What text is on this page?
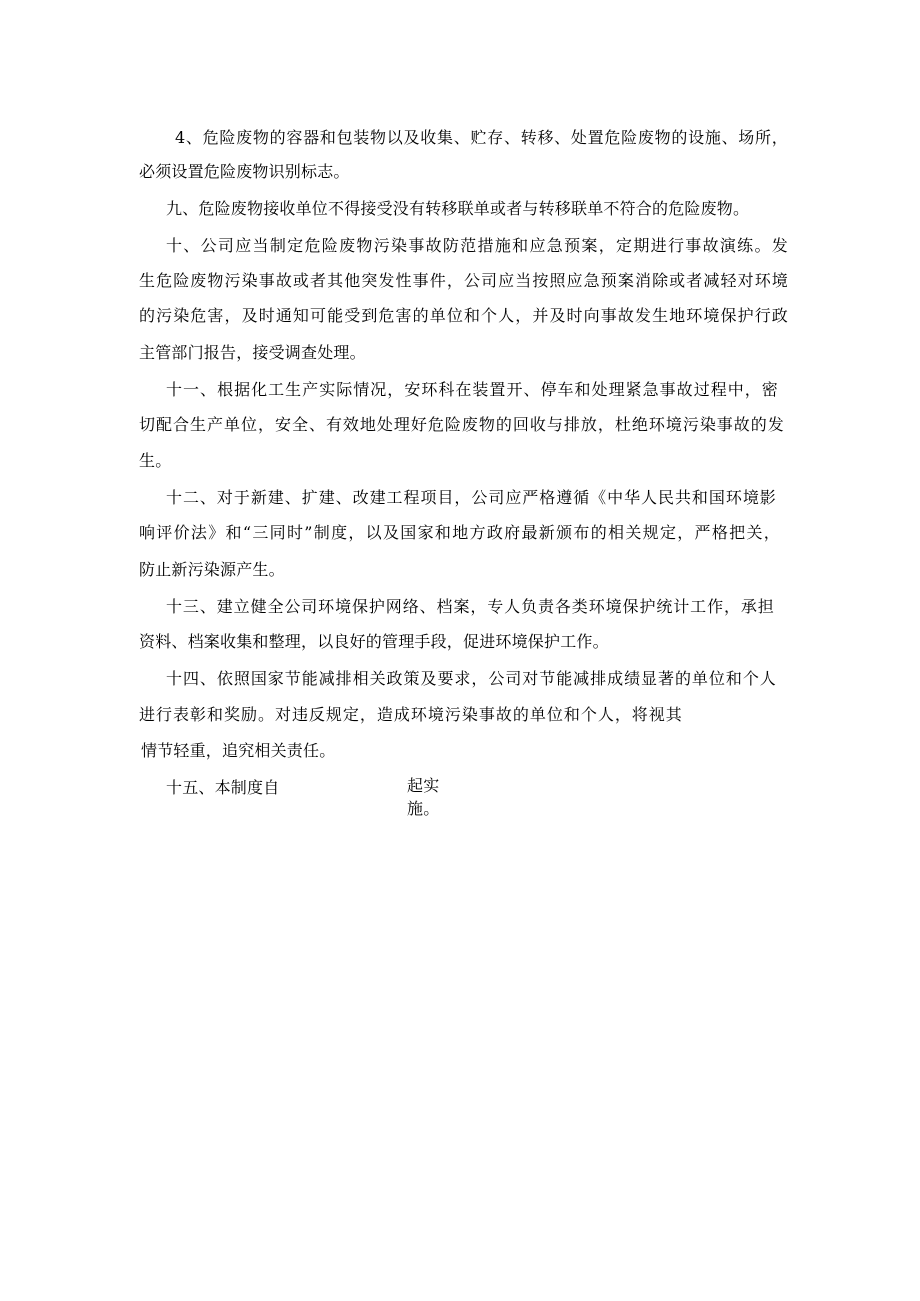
4、危险废物的容器和包装物以及收集、贮存、转移、处置危险废物的设施、场所，
必须设置危险废物识别标志。
九、危险废物接收单位不得接受没有转移联单或者与转移联单不符合的危险废物。
十、公司应当制定危险废物污染事故防范措施和应急预案，定期进行事故演练。发
生危险废物污染事故或者其他突发性事件，公司应当按照应急预案消除或者减轻对环境
的污染危害，及时通知可能受到危害的单位和个人，并及时向事故发生地环境保护行政
主管部门报告，接受调查处理。
十一、根据化工生产实际情况，安环科在装置开、停车和处理紧急事故过程中，密
切配合生产单位，安全、有效地处理好危险废物的回收与排放，杜绝环境污染事故的发
生。
十二、对于新建、扩建、改建工程项目，公司应严格遵循《中华人民共和国环境影
响评价法》和“三同时”制度，以及国家和地方政府最新颁布的相关规定，严格把关，
防止新污染源产生。
十三、建立健全公司环境保护网络、档案，专人负责各类环境保护统计工作，承担
资料、档案收集和整理，以良好的管理手段，促进环境保护工作。
十四、依照国家节能减排相关政策及要求，公司对节能减排成绩显著的单位和个人
进行表彰和奖励。对违反规定，造成环境污染事故的单位和个人，将视其
情节轻重，追究相关责任。
十五、本制度自	起实
施。
